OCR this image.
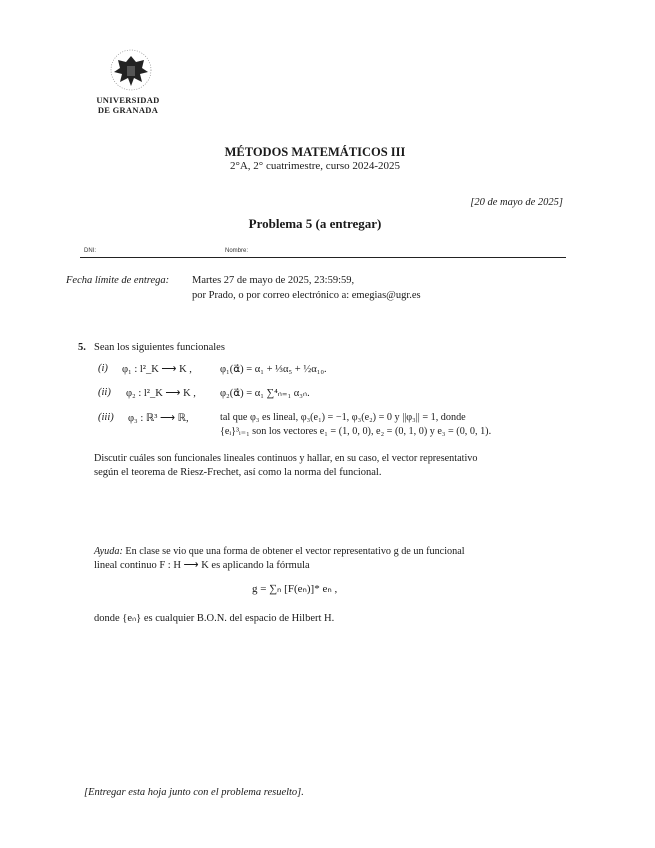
UNIVERSIDAD
DE GRANADA
MÉTODOS MATEMÁTICOS III
2°A, 2° cuatrimestre, curso 2024-2025
[20 de mayo de 2025]
Problema 5 (a entregar)
DNI:	Nombre:
Fecha límite de entrega: Martes 27 de mayo de 2025, 23:59:59,
por Prado, o por correo electrónico a: emegias@ugr.es
5. Sean los siguientes funcionales
(i) φ₁ : l²_K ⟶ K ,	φ₁(α⃗) = α₁ + ⅓α₅ + ½α₁₀.
(ii) φ₂ : l²_K ⟶ K , φ₂(α⃗) = α₁ ∑⁴ₙ₌₁ α₃ₙ.
(iii) φ₃ : ℝ³ ⟶ ℝ,	tal que φ₃ es lineal, φ₃(e₁) = −1, φ₃(e₂) = 0 y ||φ₃|| = 1, donde
{eᵢ}³ᵢ₌₁ son los vectores e₁ = (1, 0, 0), e₂ = (0, 1, 0) y e₃ = (0, 0, 1).
Discutir cuáles son funcionales lineales continuos y hallar, en su caso, el vector representativo
según el teorema de Riesz-Frechet, así como la norma del funcional.
Ayuda: En clase se vio que una forma de obtener el vector representativo g de un funcional
lineal continuo F : H ⟶ K es aplicando la fórmula
g = ∑ₙ [F(eₙ)]* eₙ ,
donde {eₙ} es cualquier B.O.N. del espacio de Hilbert H.
[Entregar esta hoja junto con el problema resuelto].
